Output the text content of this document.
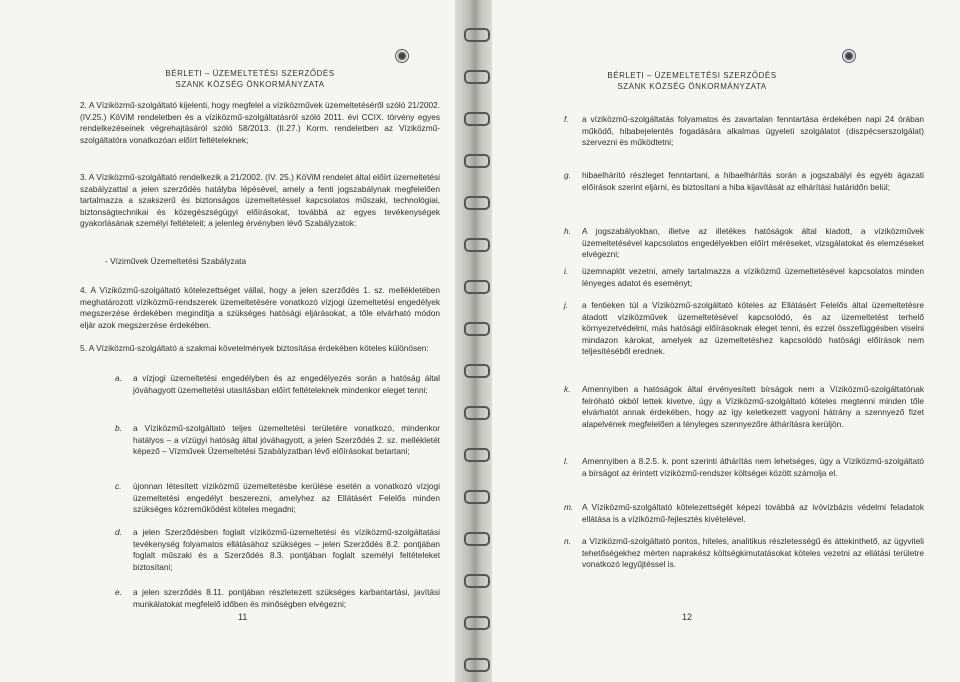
BÉRLETI – ÜZEMELTETÉSI SZERZŐDÉS
SZANK KÖZSÉG ÖNKORMÁNYZATA
2. A Víziközmű-szolgáltató kijelenti, hogy megfelel a víziközművek üzemeltetéséről szóló 21/2002. (IV.25.) KöViM rendeletben és a víziközmű-szolgáltatásról szóló 2011. évi CCIX. törvény egyes rendelkezéseinek végrehajtásáról szóló 58/2013. (II.27.) Korm. rendeletben az Víziközmű-szolgáltatóra vonatkozóan előírt feltételeknek;
3. A Víziközmű-szolgáltató rendelkezik a 21/2002. (IV. 25.) KöViM rendelet által előírt üzemeltetési szabályzattal a jelen szerződés hatályba lépésével, amely a fenti jogszabálynak megfelelően tartalmazza a szakszerű és biztonságos üzemeltetéssel kapcsolatos műszaki, technológiai, biztonságtechnikai és közegészségügyi előírásokat, továbbá az egyes tevékenységek gyakorlásának személyi feltételeit; a jelenleg érvényben lévő Szabályzatok:
- Víziművek Üzemeltetési Szabályzata
4. A Víziközmű-szolgáltató kötelezettséget vállal, hogy a jelen szerződés 1. sz. mellékletében meghatározott víziközmű-rendszerek üzemeltetésére vonatkozó vízjogi üzemeltetési engedélyek megszerzése érdekében megindítja a szükséges hatósági eljárásokat, a tőle elvárható módon eljár azok megszerzése érdekében.
5. A Víziközmű-szolgáltató a szakmai követelmények biztosítása érdekében köteles különösen:
a.	a vízjogi üzemeltetési engedélyben és az engedélyezés során a hatóság által jóváhagyott üzemeltetési utasításban előírt feltételeknek mindenkor eleget tenni;
b.	a Víziközmű-szolgáltató teljes üzemeltetési területére vonatkozó, mindenkor hatályos – a vízügyi hatóság által jóváhagyott, a jelen Szerződés 2. sz. mellékletét képező – Vízművek Üzemeltetési Szabályzatban lévő előírásokat betartani;
c.	újonnan létesített víziközmű üzemeltetésbe kerülése esetén a vonatkozó vízjogi üzemeltetési engedélyt beszerezni, amelyhez az Ellátásért Felelős minden szükséges közreműködést köteles megadni;
d.	a jelen Szerződésben foglalt víziközmű-üzemeltetési és víziközmű-szolgáltatási tevékenység folyamatos ellátásához szükséges – jelen Szerződés 8.2. pontjában foglalt műszaki és a Szerződés 8.3. pontjában foglalt személyi feltételeket biztosítani;
e.	a jelen szerződés 8.11. pontjában részletezett szükséges karbantartási, javítási munkálatokat megfelelő időben és minőségben elvégezni;
11
BÉRLETI – ÜZEMELTETÉSI SZERZŐDÉS
SZANK KÖZSÉG ÖNKORMÁNYZATA
f.	a víziközmű-szolgáltatás folyamatos és zavartalan fenntartása érdekében napi 24 órában működő, hibabejelentés fogadására alkalmas ügyeleti szolgálatot (diszpécserszolgálat) szervezni és működtetni;
g.	hibaelhárító részleget fenntartani, a hibaelhárítás során a jogszabályi és egyéb ágazati előírások szerint eljárni, és biztosítani a hiba kijavítását az elhárítási határidőn belül;
h.	A jogszabályokban, illetve az illetékes hatóságok által kiadott, a víziközművek üzemeltetésével kapcsolatos engedélyekben előírt méréseket, vizsgálatokat és elemzéseket elvégezni;
i.	üzemnaplót vezetni, amely tartalmazza a víziközmű üzemeltetésével kapcsolatos minden lényeges adatot és eseményt;
j.	a fentieken túl a Víziközmű-szolgáltató köteles az Ellátásért Felelős által üzemeltetésre átadott víziközművek üzemeltetésével kapcsolódó, és az üzemeltetést terhelő környezetvédelmi, más hatósági előírásoknak eleget tenni, és ezzel összefüggésben viselni mindazon károkat, amelyek az üzemeltetéshez kapcsolódó hatósági előírások nem teljesítéséből erednek.
k.	Amennyiben a hatóságok által érvényesített bírságok nem a Víziközmű-szolgáltatónak felróható okból lettek kivetve, úgy a Víziközmű-szolgáltató köteles megtenni minden tőle elvárhatót annak érdekében, hogy az így keletkezett vagyoni hátrány a szennyező fizet alapelvének megfelelően a tényleges szennyezőre áthárításra kerüljön.
l.	Amennyiben a 8.2.5. k. pont szerinti áthárítás nem lehetséges, úgy a Víziközmű-szolgáltató a bírságot az érintett víziközmű-rendszer költségei között számolja el.
m.	A Víziközmű-szolgáltató kötelezettségét képezi továbbá az ivóvízbázis védelmi feladatok ellátása is a víziközmű-fejlesztés kivételével.
n.	a Víziközmű-szolgáltató pontos, hiteles, analitikus részletességű és áttekinthető, az ügyviteli tehetőségekhez mérten naprakész költségkimutatásokat köteles vezetni az ellátási területre vonatkozó legyűjtéssel is.
12
